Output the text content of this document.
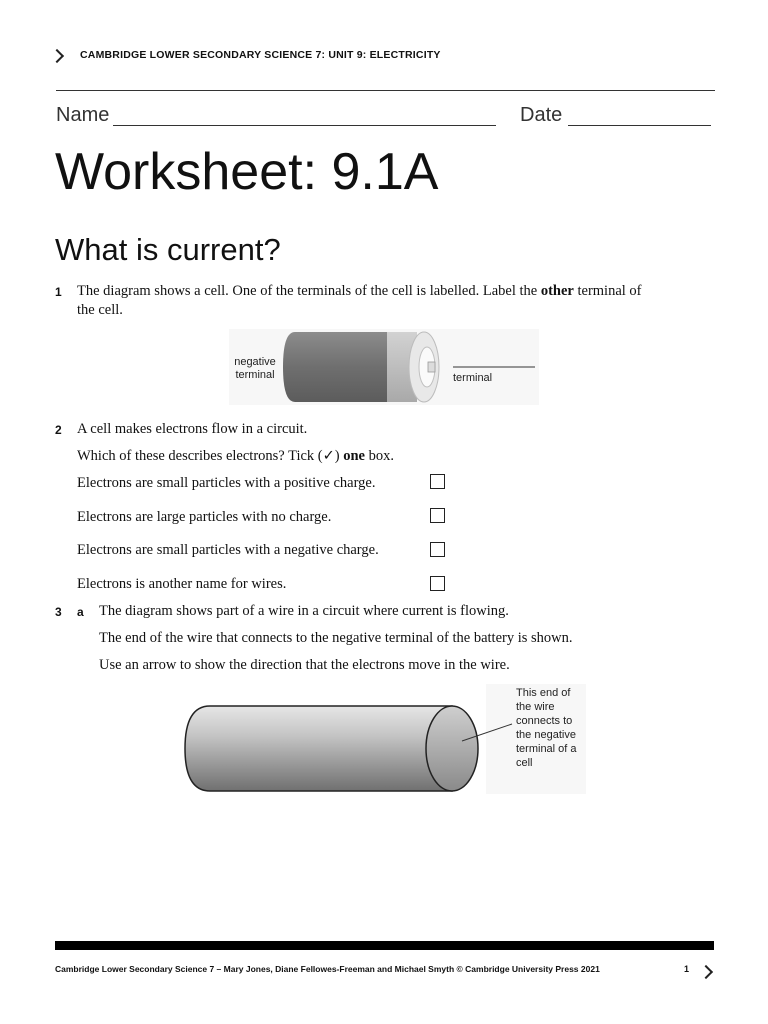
CAMBRIDGE LOWER SECONDARY SCIENCE 7: UNIT 9: ELECTRICITY
Name	Date
Worksheet: 9.1A
What is current?
1 The diagram shows a cell. One of the terminals of the cell is labelled. Label the other terminal of
the cell.
negative
terminal	terminal
2 A cell makes electrons flow in a circuit.
Which of these describes electrons? Tick (✓) one box.
Electrons are small particles with a positive charge.
Electrons are large particles with no charge.
Electrons are small particles with a negative charge.
Electrons is another name for wires.
3 a The diagram shows part of a wire in a circuit where current is flowing.
The end of the wire that connects to the negative terminal of the battery is shown.
Use an arrow to show the direction that the electrons move in the wire.
This end of
the wire
connects to
the negative
terminal of a
cell
Cambridge Lower Secondary Science 7 – Mary Jones, Diane Fellowes-Freeman and Michael Smyth © Cambridge University Press 2021	1
